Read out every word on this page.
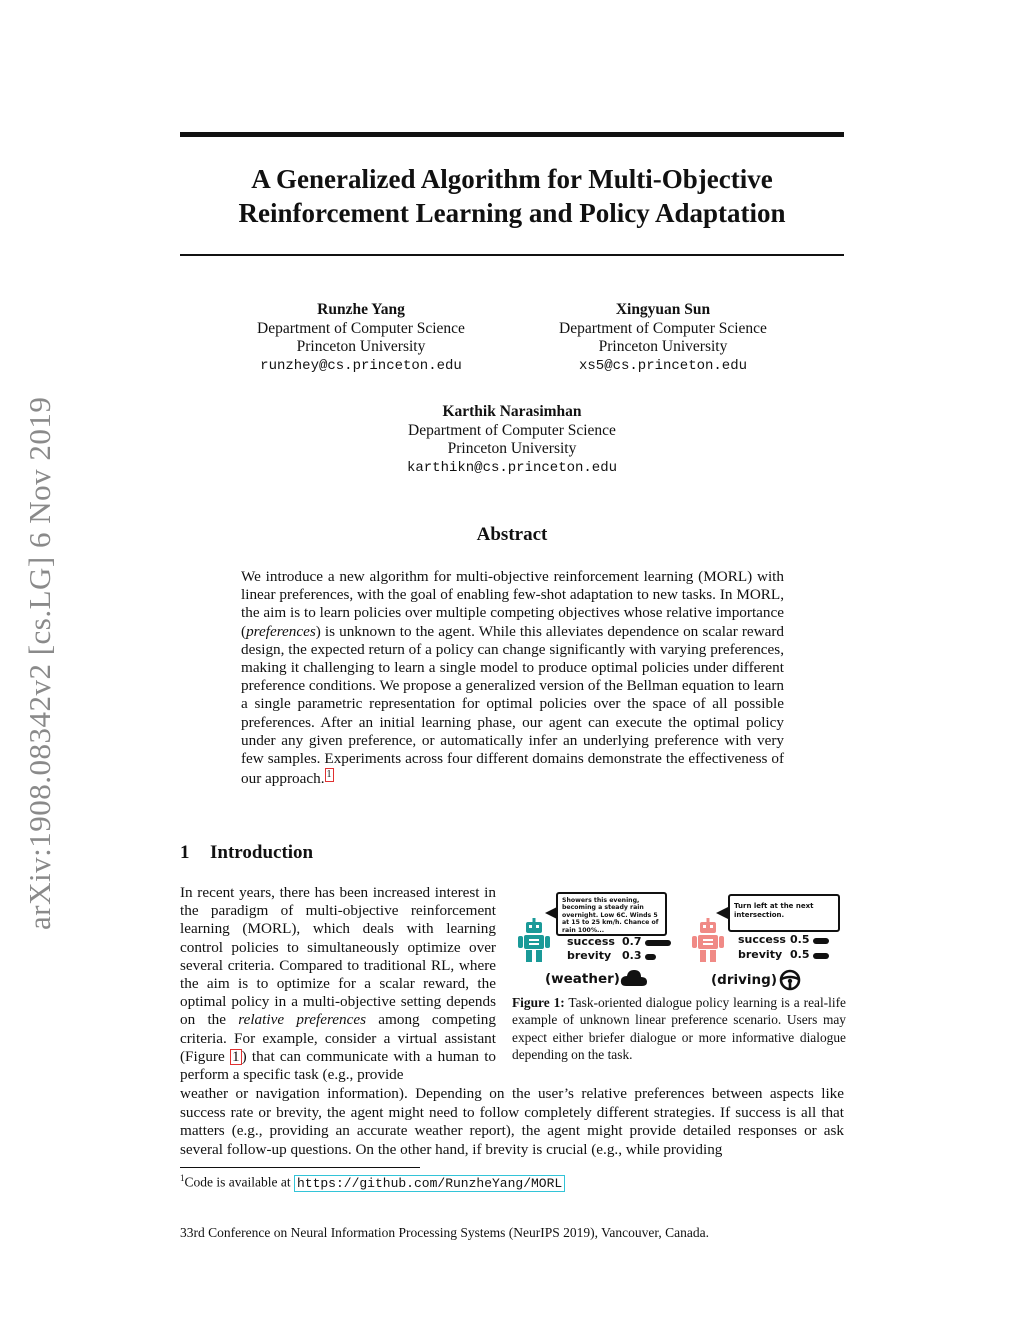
arXiv:1908.08342v2 [cs.LG] 6 Nov 2019
A Generalized Algorithm for Multi-Objective
Reinforcement Learning and Policy Adaptation
Runzhe Yang
Department of Computer Science
Princeton University
runzhey@cs.princeton.edu
Xingyuan Sun
Department of Computer Science
Princeton University
xs5@cs.princeton.edu
Karthik Narasimhan
Department of Computer Science
Princeton University
karthikn@cs.princeton.edu
Abstract
We introduce a new algorithm for multi-objective reinforcement learning (MORL) with linear preferences, with the goal of enabling few-shot adaptation to new tasks. In MORL, the aim is to learn policies over multiple competing objectives whose relative importance (preferences) is unknown to the agent. While this alleviates dependence on scalar reward design, the expected return of a policy can change significantly with varying preferences, making it challenging to learn a single model to produce optimal policies under different preference conditions. We propose a generalized version of the Bellman equation to learn a single parametric representation for optimal policies over the space of all possible preferences. After an initial learning phase, our agent can execute the optimal policy under any given preference, or automatically infer an underlying preference with very few samples. Experiments across four different domains demonstrate the effectiveness of our approach. 1
1 Introduction
In recent years, there has been increased interest in the paradigm of multi-objective reinforcement learning (MORL), which deals with learning control policies to simultaneously optimize over several criteria. Compared to traditional RL, where the aim is to optimize for a scalar reward, the optimal policy in a multi-objective setting depends on the relative preferences among competing criteria. For example, consider a virtual assistant (Figure 1 ) that can communicate with a human to perform a specific task (e.g., provide
weather or navigation information). Depending on the user’s relative preferences between aspects like success rate or brevity, the agent might need to follow completely different strategies. If success is all that matters (e.g., providing an accurate weather report), the agent might provide detailed responses or ask several follow-up questions. On the other hand, if brevity is crucial (e.g., while providing
Showers this evening, becoming a steady rain overnight. Low 6C. Winds 5 at 15 to 25 km/h. Chance of rain 100%...
Turn left at the next intersection.
success 0.7
brevity 0.3
success 0.5
brevity 0.5
(weather)	(driving)
Figure 1: Task-oriented dialogue policy learning is a real-life example of unknown linear preference scenario. Users may expect either briefer dialogue or more informative dialogue depending on the task.
$^1$Code is available at https://github.com/RunzheYang/MORL
33rd Conference on Neural Information Processing Systems (NeurIPS 2019), Vancouver, Canada.
